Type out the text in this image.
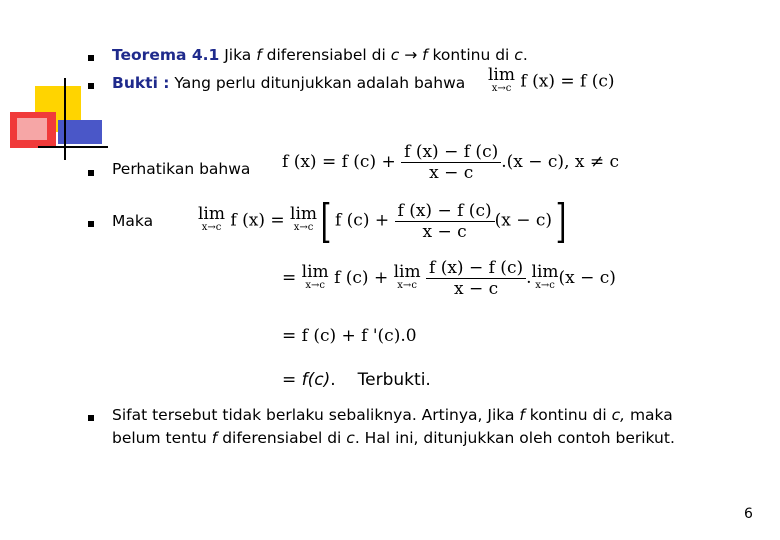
Teorema 4.1 Jika f diferensiabel di c → f kontinu di c.
Bukti : Yang perlu ditunjukkan adalah bahwa lim
x→c f (x) = f (c)
Perhatikan bahwa f (x) = f $(c) + \frac{f (x) - f (c)}{x - c} .(x - c)$, x ≠ c
Maka	lim
x→c f (x) = lim
x→c [ f $(c) + \frac{f (x) - f (c)}{x - c} (x - c)$]
= lim
x→c f (c) + lim
x→c
$\frac{f (x) - f (c)}{x - c}$ . lim
x→c (x − c)
= f (c) + f '(c).0
= f(c). Terbukti.
Sifat tersebut tidak berlaku sebaliknya. Artinya, Jika f kontinu di c, maka
belum tentu f diferensiabel di c. Hal ini, ditunjukkan oleh contoh berikut.
6
